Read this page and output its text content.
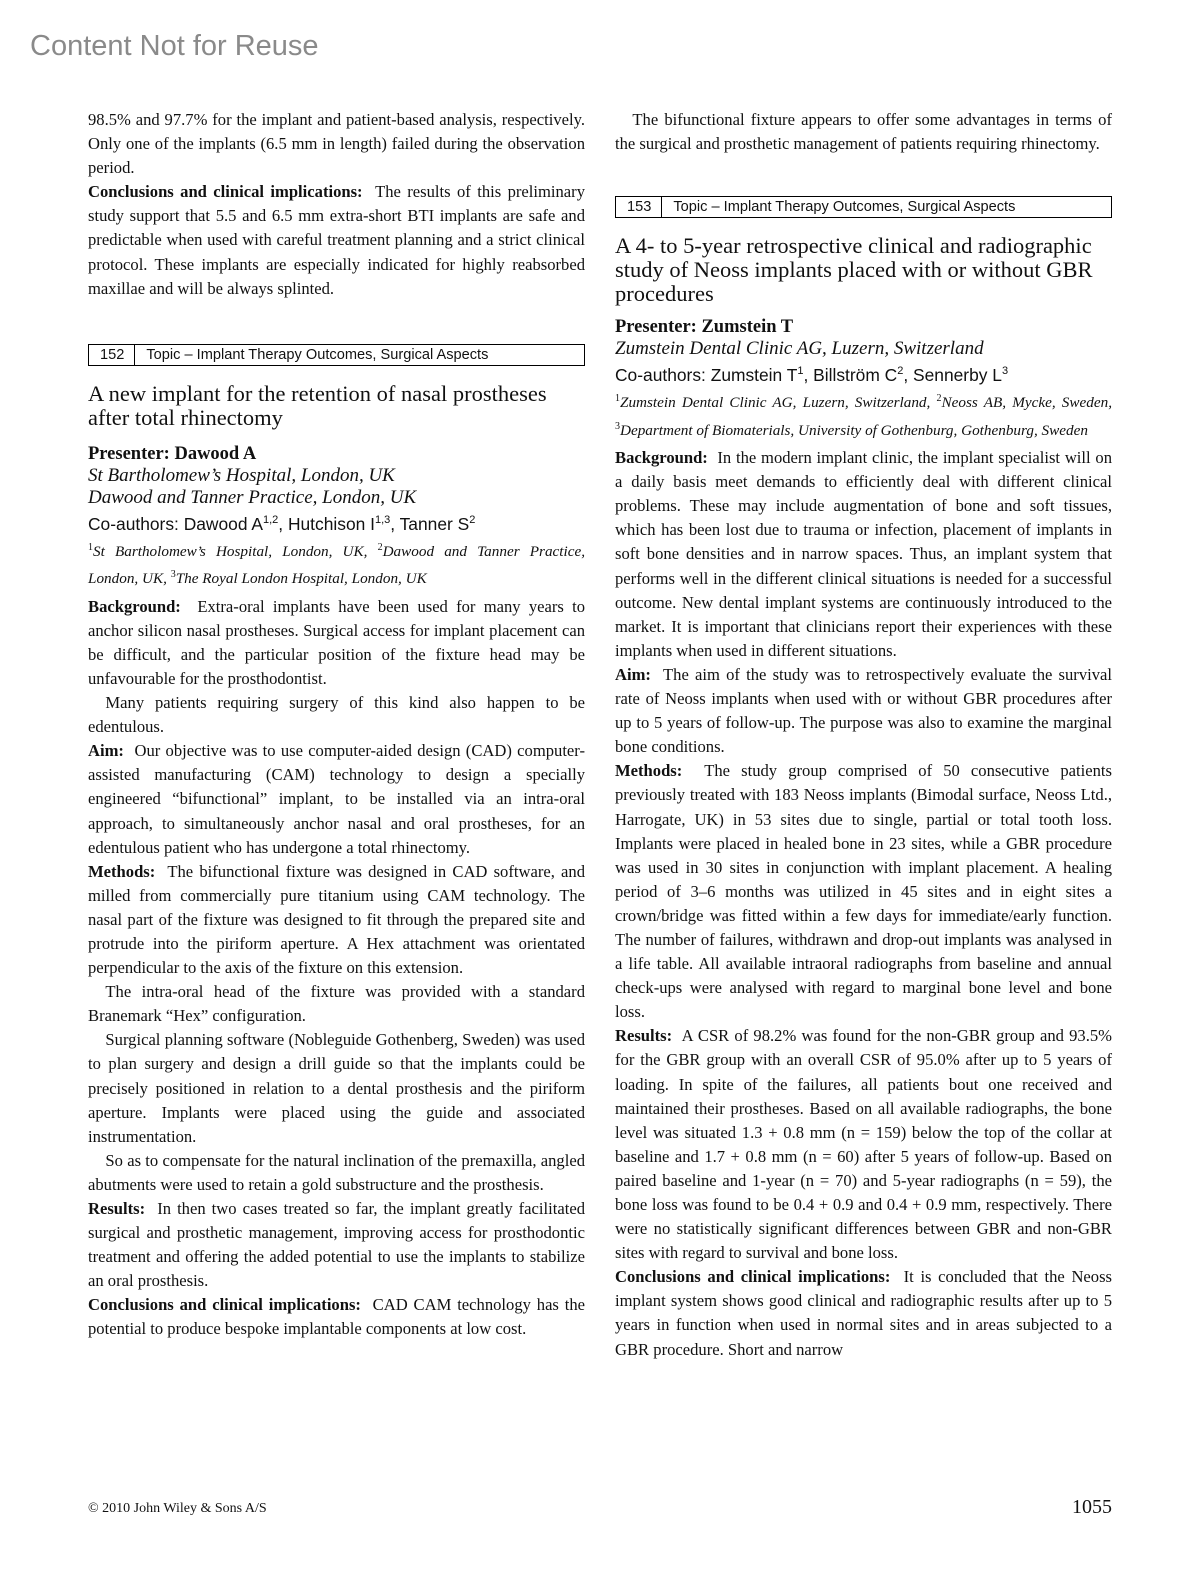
Content Not for Reuse

98.5% and 97.7% for the implant and patient-based analysis, respectively. Only one of the implants (6.5 mm in length) failed during the observation period.

Conclusions and clinical implications: The results of this preliminary study support that 5.5 and 6.5 mm extra-short BTI implants are safe and predictable when used with careful treatment planning and a strict clinical protocol. These implants are especially indicated for highly reabsorbed maxillae and will be always splinted.

152	Topic – Implant Therapy Outcomes, Surgical Aspects
A new implant for the retention of nasal prostheses after total rhinectomy

Presenter: Dawood A

St Bartholomew’s Hospital, London, UK

Dawood and Tanner Practice, London, UK

Co-authors: Dawood A$^{1,2}$, Hutchison I$^{1,3}$, Tanner $S^2$

$^1$St Bartholomew’s Hospital, London, UK, $^2$Dawood and Tanner Practice, London, UK, $^3$The Royal London Hospital, London, UK

Background: Extra-oral implants have been used for many years to anchor silicon nasal prostheses. Surgical access for implant placement can be difficult, and the particular position of the fixture head may be unfavourable for the prosthodontist.

Many patients requiring surgery of this kind also happen to be edentulous.

Aim: Our objective was to use computer-aided design (CAD) computer-assisted manufacturing (CAM) technology to design a specially engineered “bifunctional” implant, to be installed via an intra-oral approach, to simultaneously anchor nasal and oral prostheses, for an edentulous patient who has undergone a total rhinectomy.

Methods: The bifunctional fixture was designed in CAD software, and milled from commercially pure titanium using CAM technology. The nasal part of the fixture was designed to fit through the prepared site and protrude into the piriform aperture. A Hex attachment was orientated perpendicular to the axis of the fixture on this extension.

The intra-oral head of the fixture was provided with a standard Branemark “Hex” configuration.

Surgical planning software (Nobleguide Gothenberg, Sweden) was used to plan surgery and design a drill guide so that the implants could be precisely positioned in relation to a dental prosthesis and the piriform aperture. Implants were placed using the guide and associated instrumentation.

So as to compensate for the natural inclination of the premaxilla, angled abutments were used to retain a gold substructure and the prosthesis.

Results: In then two cases treated so far, the implant greatly facilitated surgical and prosthetic management, improving access for prosthodontic treatment and offering the added potential to use the implants to stabilize an oral prosthesis.

Conclusions and clinical implications: CAD CAM technology has the potential to produce bespoke implantable components at low cost.

The bifunctional fixture appears to offer some advantages in terms of the surgical and prosthetic management of patients requiring rhinectomy.

153	Topic – Implant Therapy Outcomes, Surgical Aspects
A 4- to 5-year retrospective clinical and radiographic study of Neoss implants placed with or without GBR procedures

Presenter: Zumstein T

Zumstein Dental Clinic AG, Luzern, Switzerland

Co-authors: Zumstein $T^1$, Billström $C^2$, Sennerby $L^3$

$^1$Zumstein Dental Clinic AG, Luzern, Switzerland, $^2$Neoss AB, Mycke, Sweden, $^3$Department of Biomaterials, University of Gothenburg, Gothenburg, Sweden

Background: In the modern implant clinic, the implant specialist will on a daily basis meet demands to efficiently deal with different clinical problems. These may include augmentation of bone and soft tissues, which has been lost due to trauma or infection, placement of implants in soft bone densities and in narrow spaces. Thus, an implant system that performs well in the different clinical situations is needed for a successful outcome. New dental implant systems are continuously introduced to the market. It is important that clinicians report their experiences with these implants when used in different situations.

Aim: The aim of the study was to retrospectively evaluate the survival rate of Neoss implants when used with or without GBR procedures after up to 5 years of follow-up. The purpose was also to examine the marginal bone conditions.

Methods: The study group comprised of 50 consecutive patients previously treated with 183 Neoss implants (Bimodal surface, Neoss Ltd., Harrogate, UK) in 53 sites due to single, partial or total tooth loss. Implants were placed in healed bone in 23 sites, while a GBR procedure was used in 30 sites in conjunction with implant placement. A healing period of 3–6 months was utilized in 45 sites and in eight sites a crown/bridge was fitted within a few days for immediate/early function. The number of failures, withdrawn and drop-out implants was analysed in a life table. All available intraoral radiographs from baseline and annual check-ups were analysed with regard to marginal bone level and bone loss.

Results: A CSR of 98.2% was found for the non-GBR group and 93.5% for the GBR group with an overall CSR of 95.0% after up to 5 years of loading. In spite of the failures, all patients bout one received and maintained their prostheses. Based on all available radiographs, the bone level was situated 1.3 + 0.8 mm (n = 159) below the top of the collar at baseline and 1.7 + 0.8 mm (n = 60) after 5 years of follow-up. Based on paired baseline and 1-year (n = 70) and 5-year radiographs (n = 59), the bone loss was found to be 0.4 + 0.9 and 0.4 + 0.9 mm, respectively. There were no statistically significant differences between GBR and non-GBR sites with regard to survival and bone loss.

Conclusions and clinical implications: It is concluded that the Neoss implant system shows good clinical and radiographic results after up to 5 years in function when used in normal sites and in areas subjected to a GBR procedure. Short and narrow

© 2010 John Wiley & Sons A/S	1055
